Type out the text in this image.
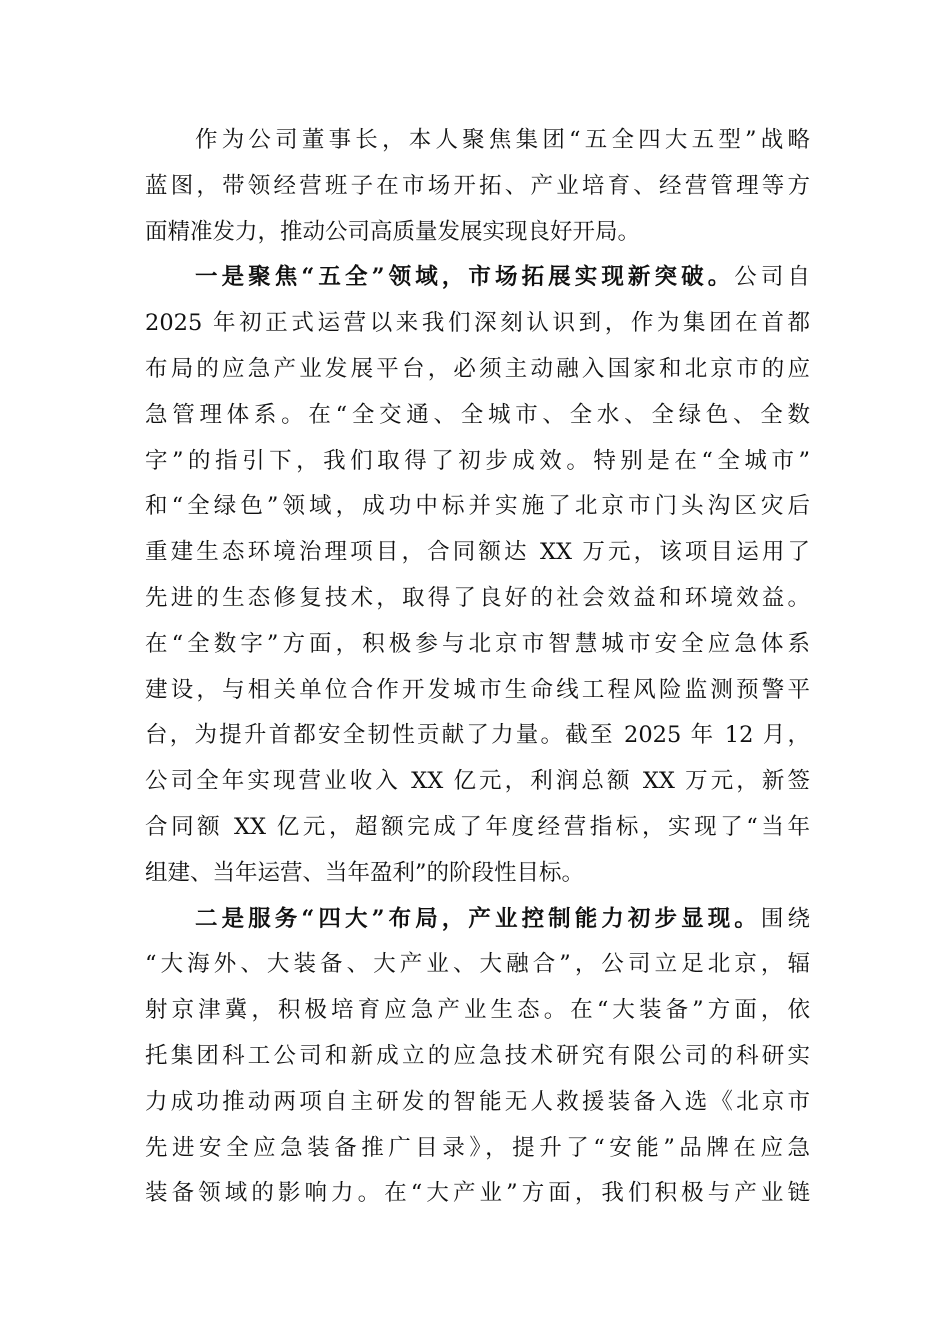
作为公司董事长，本人聚焦集团“五全四大五型”战略
蓝图，带领经营班子在市场开拓、产业培育、经营管理等方
面精准发力，推动公司高质量发展实现良好开局。
一是聚焦“五全”领域，市场拓展实现新突破。公司自
2025 年初正式运营以来我们深刻认识到，作为集团在首都
布局的应急产业发展平台，必须主动融入国家和北京市的应
急管理体系。在“全交通、全城市、全水、全绿色、全数
字”的指引下，我们取得了初步成效。特别是在“全城市”
和“全绿色”领域，成功中标并实施了北京市门头沟区灾后
重建生态环境治理项目，合同额达 XX 万元，该项目运用了
先进的生态修复技术，取得了良好的社会效益和环境效益。
在“全数字”方面，积极参与北京市智慧城市安全应急体系
建设，与相关单位合作开发城市生命线工程风险监测预警平
台，为提升首都安全韧性贡献了力量。截至 2025 年 12 月，
公司全年实现营业收入 XX 亿元，利润总额 XX 万元，新签
合同额 XX 亿元，超额完成了年度经营指标，实现了“当年
组建、当年运营、当年盈利”的阶段性目标。
二是服务“四大”布局，产业控制能力初步显现。围绕
“大海外、大装备、大产业、大融合”，公司立足北京，辐
射京津冀，积极培育应急产业生态。在“大装备”方面，依
托集团科工公司和新成立的应急技术研究有限公司的科研实
力成功推动两项自主研发的智能无人救援装备入选《北京市
先进安全应急装备推广目录》，提升了“安能”品牌在应急
装备领域的影响力。在“大产业”方面，我们积极与产业链
